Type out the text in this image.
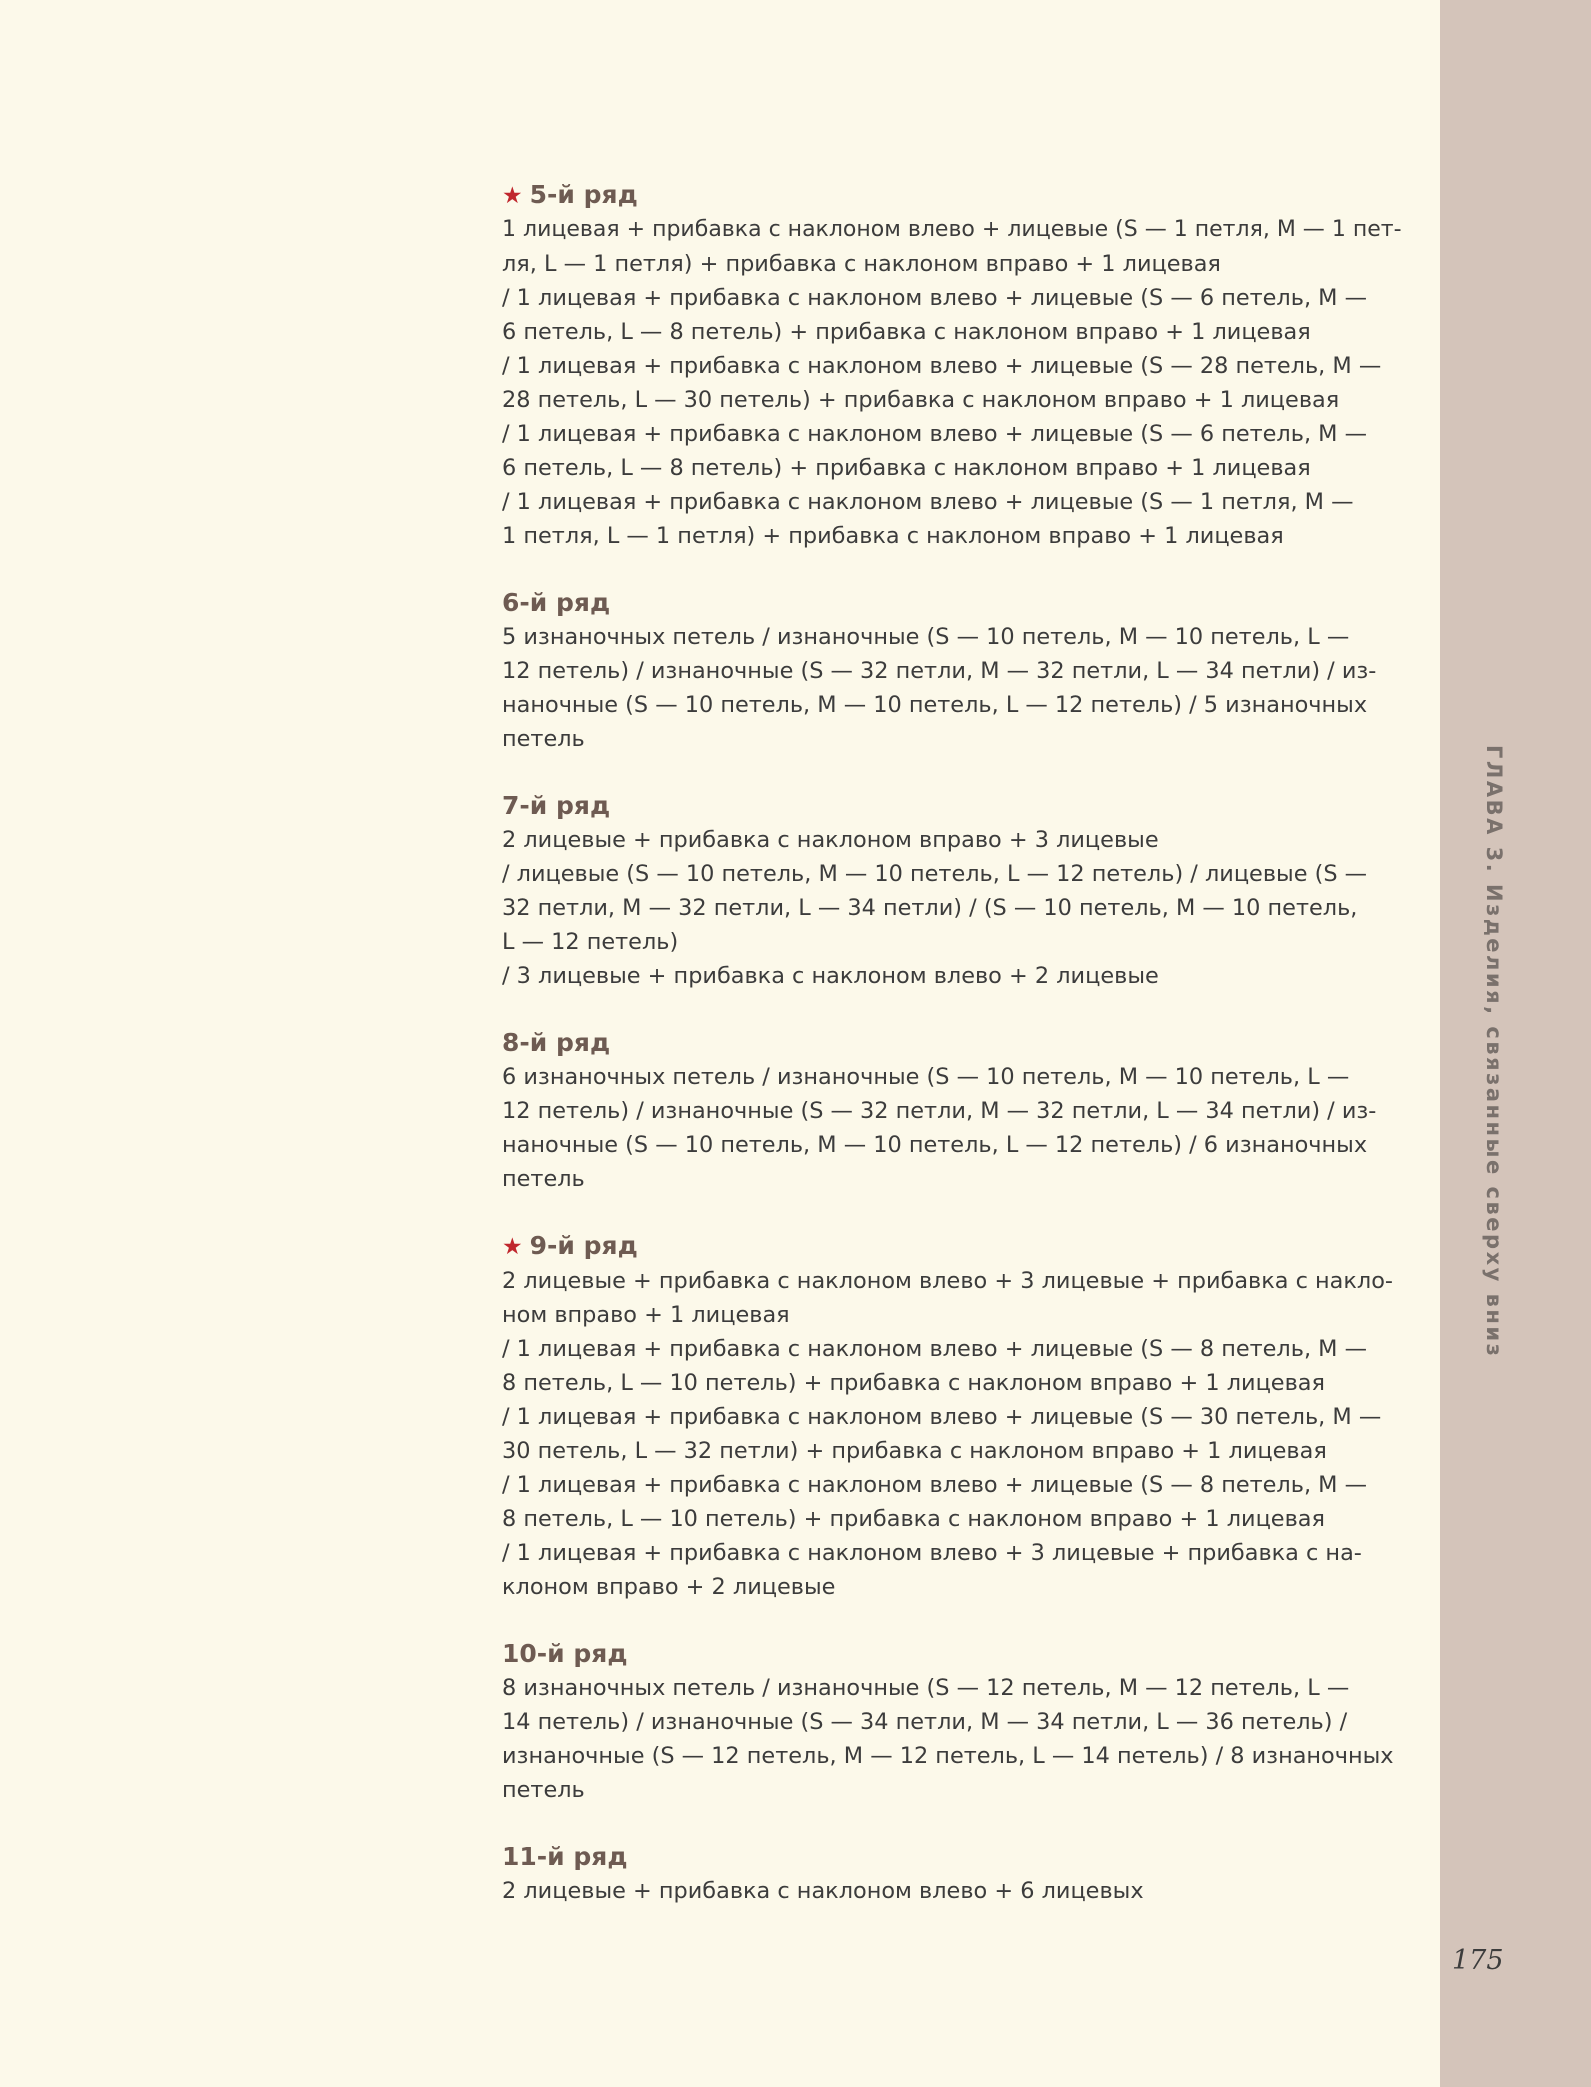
ГЛАВА 3. Изделия, связанные сверху вниз
175
★ 5-й ряд
1 лицевая + прибавка с наклоном влево + лицевые (S — 1 петля, M — 1 пет-
ля, L — 1 петля) + прибавка с наклоном вправо + 1 лицевая
/ 1 лицевая + прибавка с наклоном влево + лицевые (S — 6 петель, M —
6 петель, L — 8 петель) + прибавка с наклоном вправо + 1 лицевая
/ 1 лицевая + прибавка с наклоном влево + лицевые (S — 28 петель, M —
28 петель, L — 30 петель) + прибавка с наклоном вправо + 1 лицевая
/ 1 лицевая + прибавка с наклоном влево + лицевые (S — 6 петель, M —
6 петель, L — 8 петель) + прибавка с наклоном вправо + 1 лицевая
/ 1 лицевая + прибавка с наклоном влево + лицевые (S — 1 петля, M —
1 петля, L — 1 петля) + прибавка с наклоном вправо + 1 лицевая
6-й ряд
5 изнаночных петель / изнаночные (S — 10 петель, M — 10 петель, L —
12 петель) / изнаночные (S — 32 петли, M — 32 петли, L — 34 петли) / из-
наночные (S — 10 петель, M — 10 петель, L — 12 петель) / 5 изнаночных
петель
7-й ряд
2 лицевые + прибавка с наклоном вправо + 3 лицевые
/ лицевые (S — 10 петель, M — 10 петель, L — 12 петель) / лицевые (S —
32 петли, M — 32 петли, L — 34 петли) / (S — 10 петель, M — 10 петель,
L — 12 петель)
/ 3 лицевые + прибавка с наклоном влево + 2 лицевые
8-й ряд
6 изнаночных петель / изнаночные (S — 10 петель, M — 10 петель, L —
12 петель) / изнаночные (S — 32 петли, M — 32 петли, L — 34 петли) / из-
наночные (S — 10 петель, M — 10 петель, L — 12 петель) / 6 изнаночных
петель
★ 9-й ряд
2 лицевые + прибавка с наклоном влево + 3 лицевые + прибавка с накло-
ном вправо + 1 лицевая
/ 1 лицевая + прибавка с наклоном влево + лицевые (S — 8 петель, M —
8 петель, L — 10 петель) + прибавка с наклоном вправо + 1 лицевая
/ 1 лицевая + прибавка с наклоном влево + лицевые (S — 30 петель, M —
30 петель, L — 32 петли) + прибавка с наклоном вправо + 1 лицевая
/ 1 лицевая + прибавка с наклоном влево + лицевые (S — 8 петель, M —
8 петель, L — 10 петель) + прибавка с наклоном вправо + 1 лицевая
/ 1 лицевая + прибавка с наклоном влево + 3 лицевые + прибавка с на-
клоном вправо + 2 лицевые
10-й ряд
8 изнаночных петель / изнаночные (S — 12 петель, M — 12 петель, L —
14 петель) / изнаночные (S — 34 петли, M — 34 петли, L — 36 петель) /
изнаночные (S — 12 петель, M — 12 петель, L — 14 петель) / 8 изнаночных
петель
11-й ряд
2 лицевые + прибавка с наклоном влево + 6 лицевых
